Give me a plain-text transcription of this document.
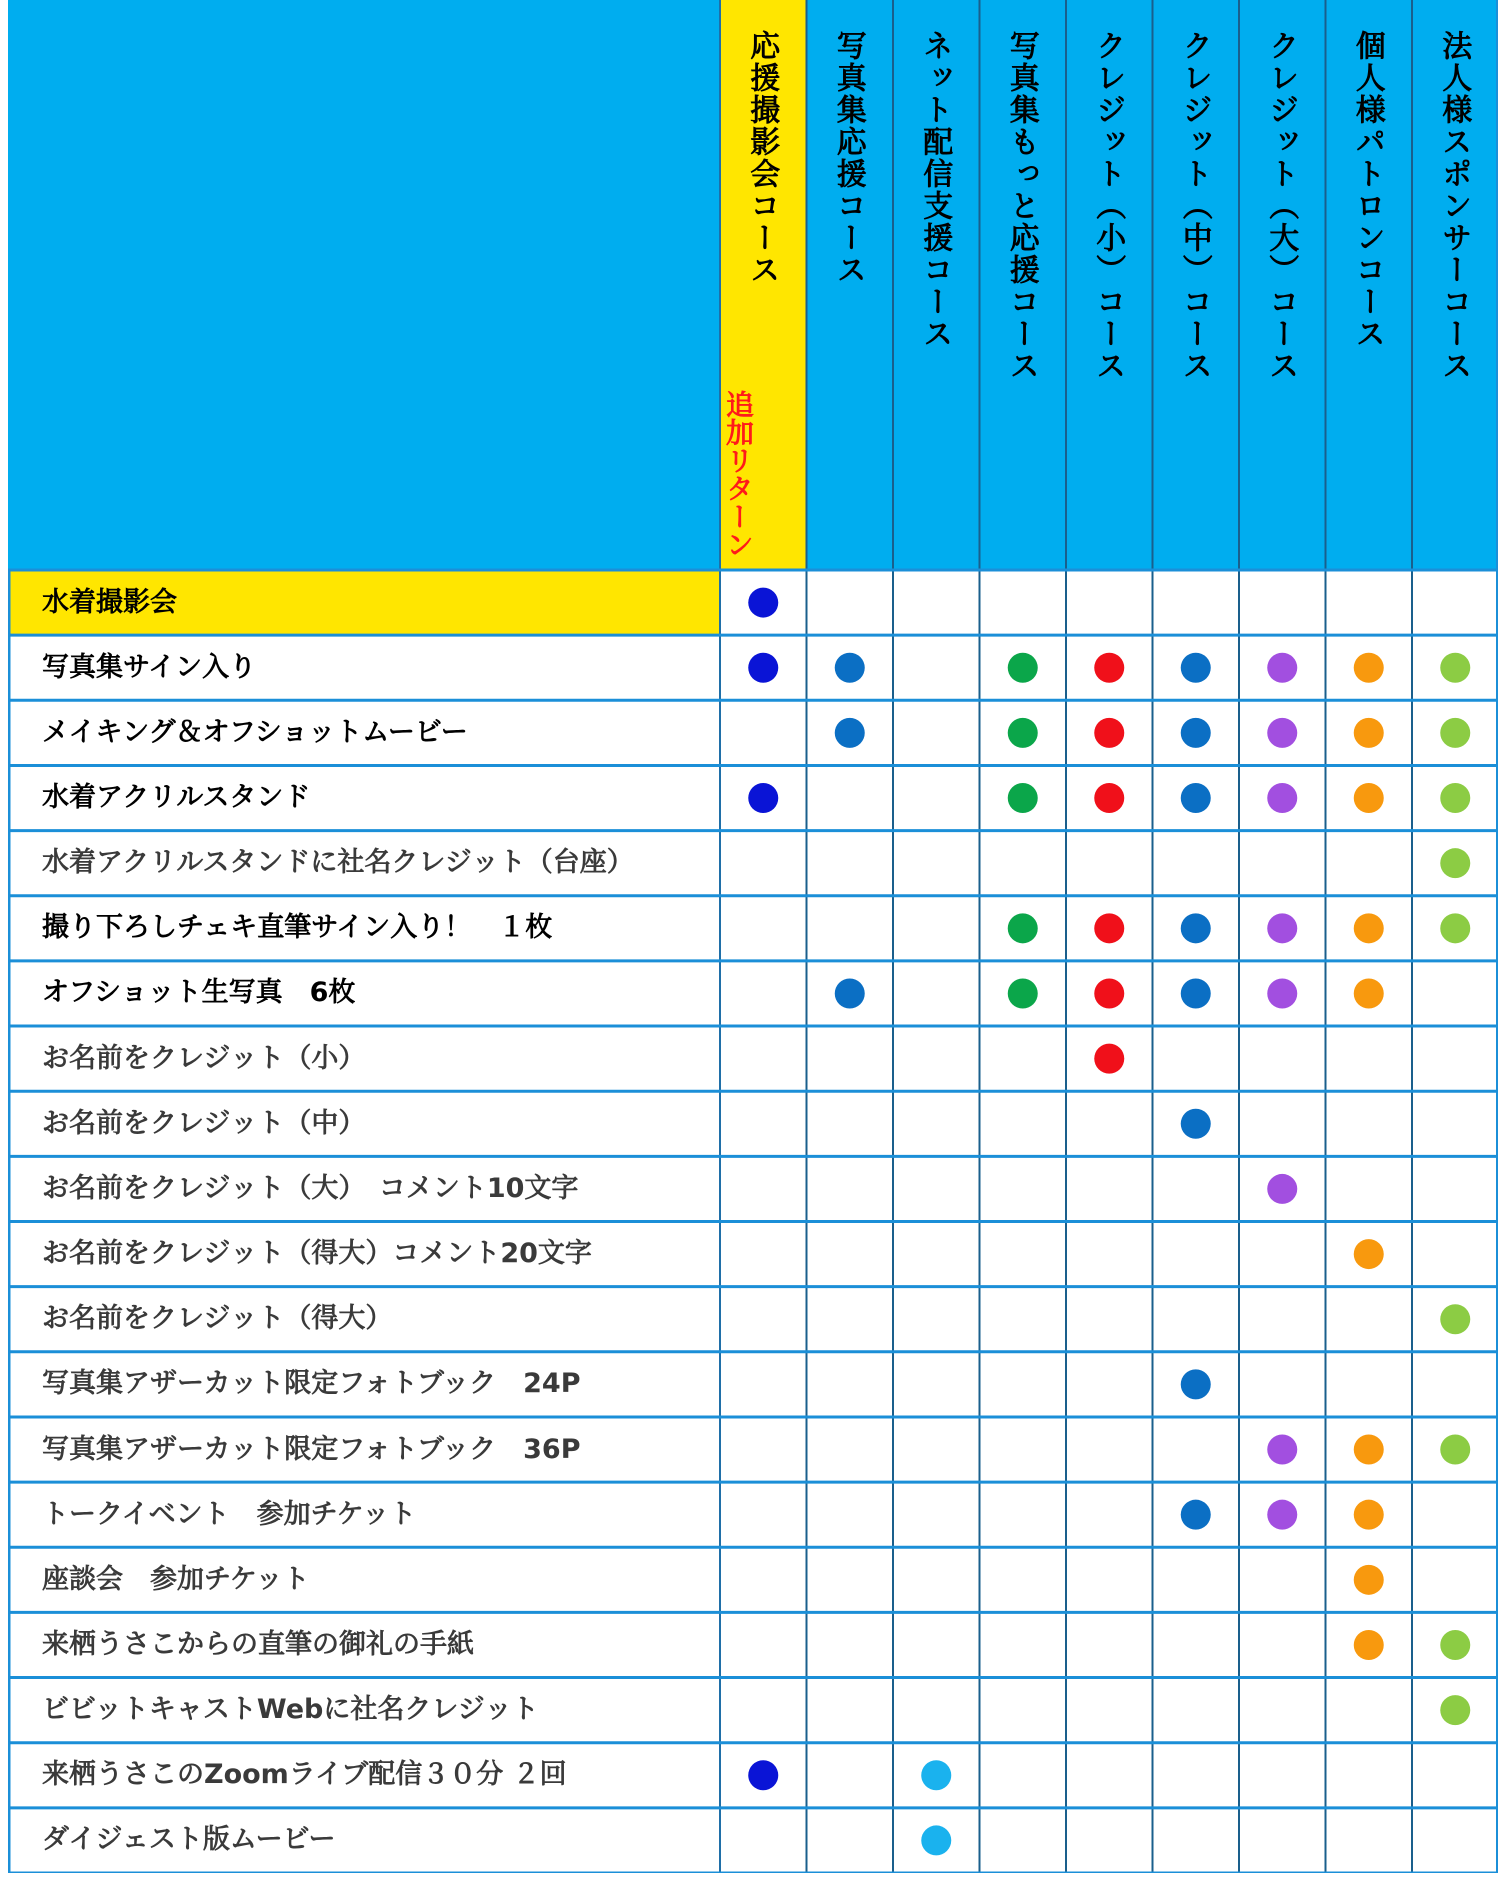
応援撮影会コース
追加リターン
写真集応援コース ネット配信支援コース 写真集もっと応援コース クレジット（小）コース クレジット（中）コース クレジット（大）コース 個人様パトロンコース 法人様スポンサーコース
水着撮影会
写真集サイン入り
メイキング＆オフショットムービー
水着アクリルスタンド
水着アクリルスタンドに社名クレジット（台座）
撮り下ろしチェキ直筆サイン入り！　１枚
オフショット生写真　6枚
お名前をクレジット（小）
お名前をクレジット（中）
お名前をクレジット（大）　コメント10文字
お名前をクレジット（得大）コメント20文字
お名前をクレジット（得大）
写真集アザーカット限定フォトブック　24P
写真集アザーカット限定フォトブック　36P
トークイベント　参加チケット
座談会　参加チケット
来栖うさこからの直筆の御礼の手紙
ビビットキャストWebに社名クレジット
来栖うさこのZoomライブ配信３０分 ２回
ダイジェスト版ムービー
